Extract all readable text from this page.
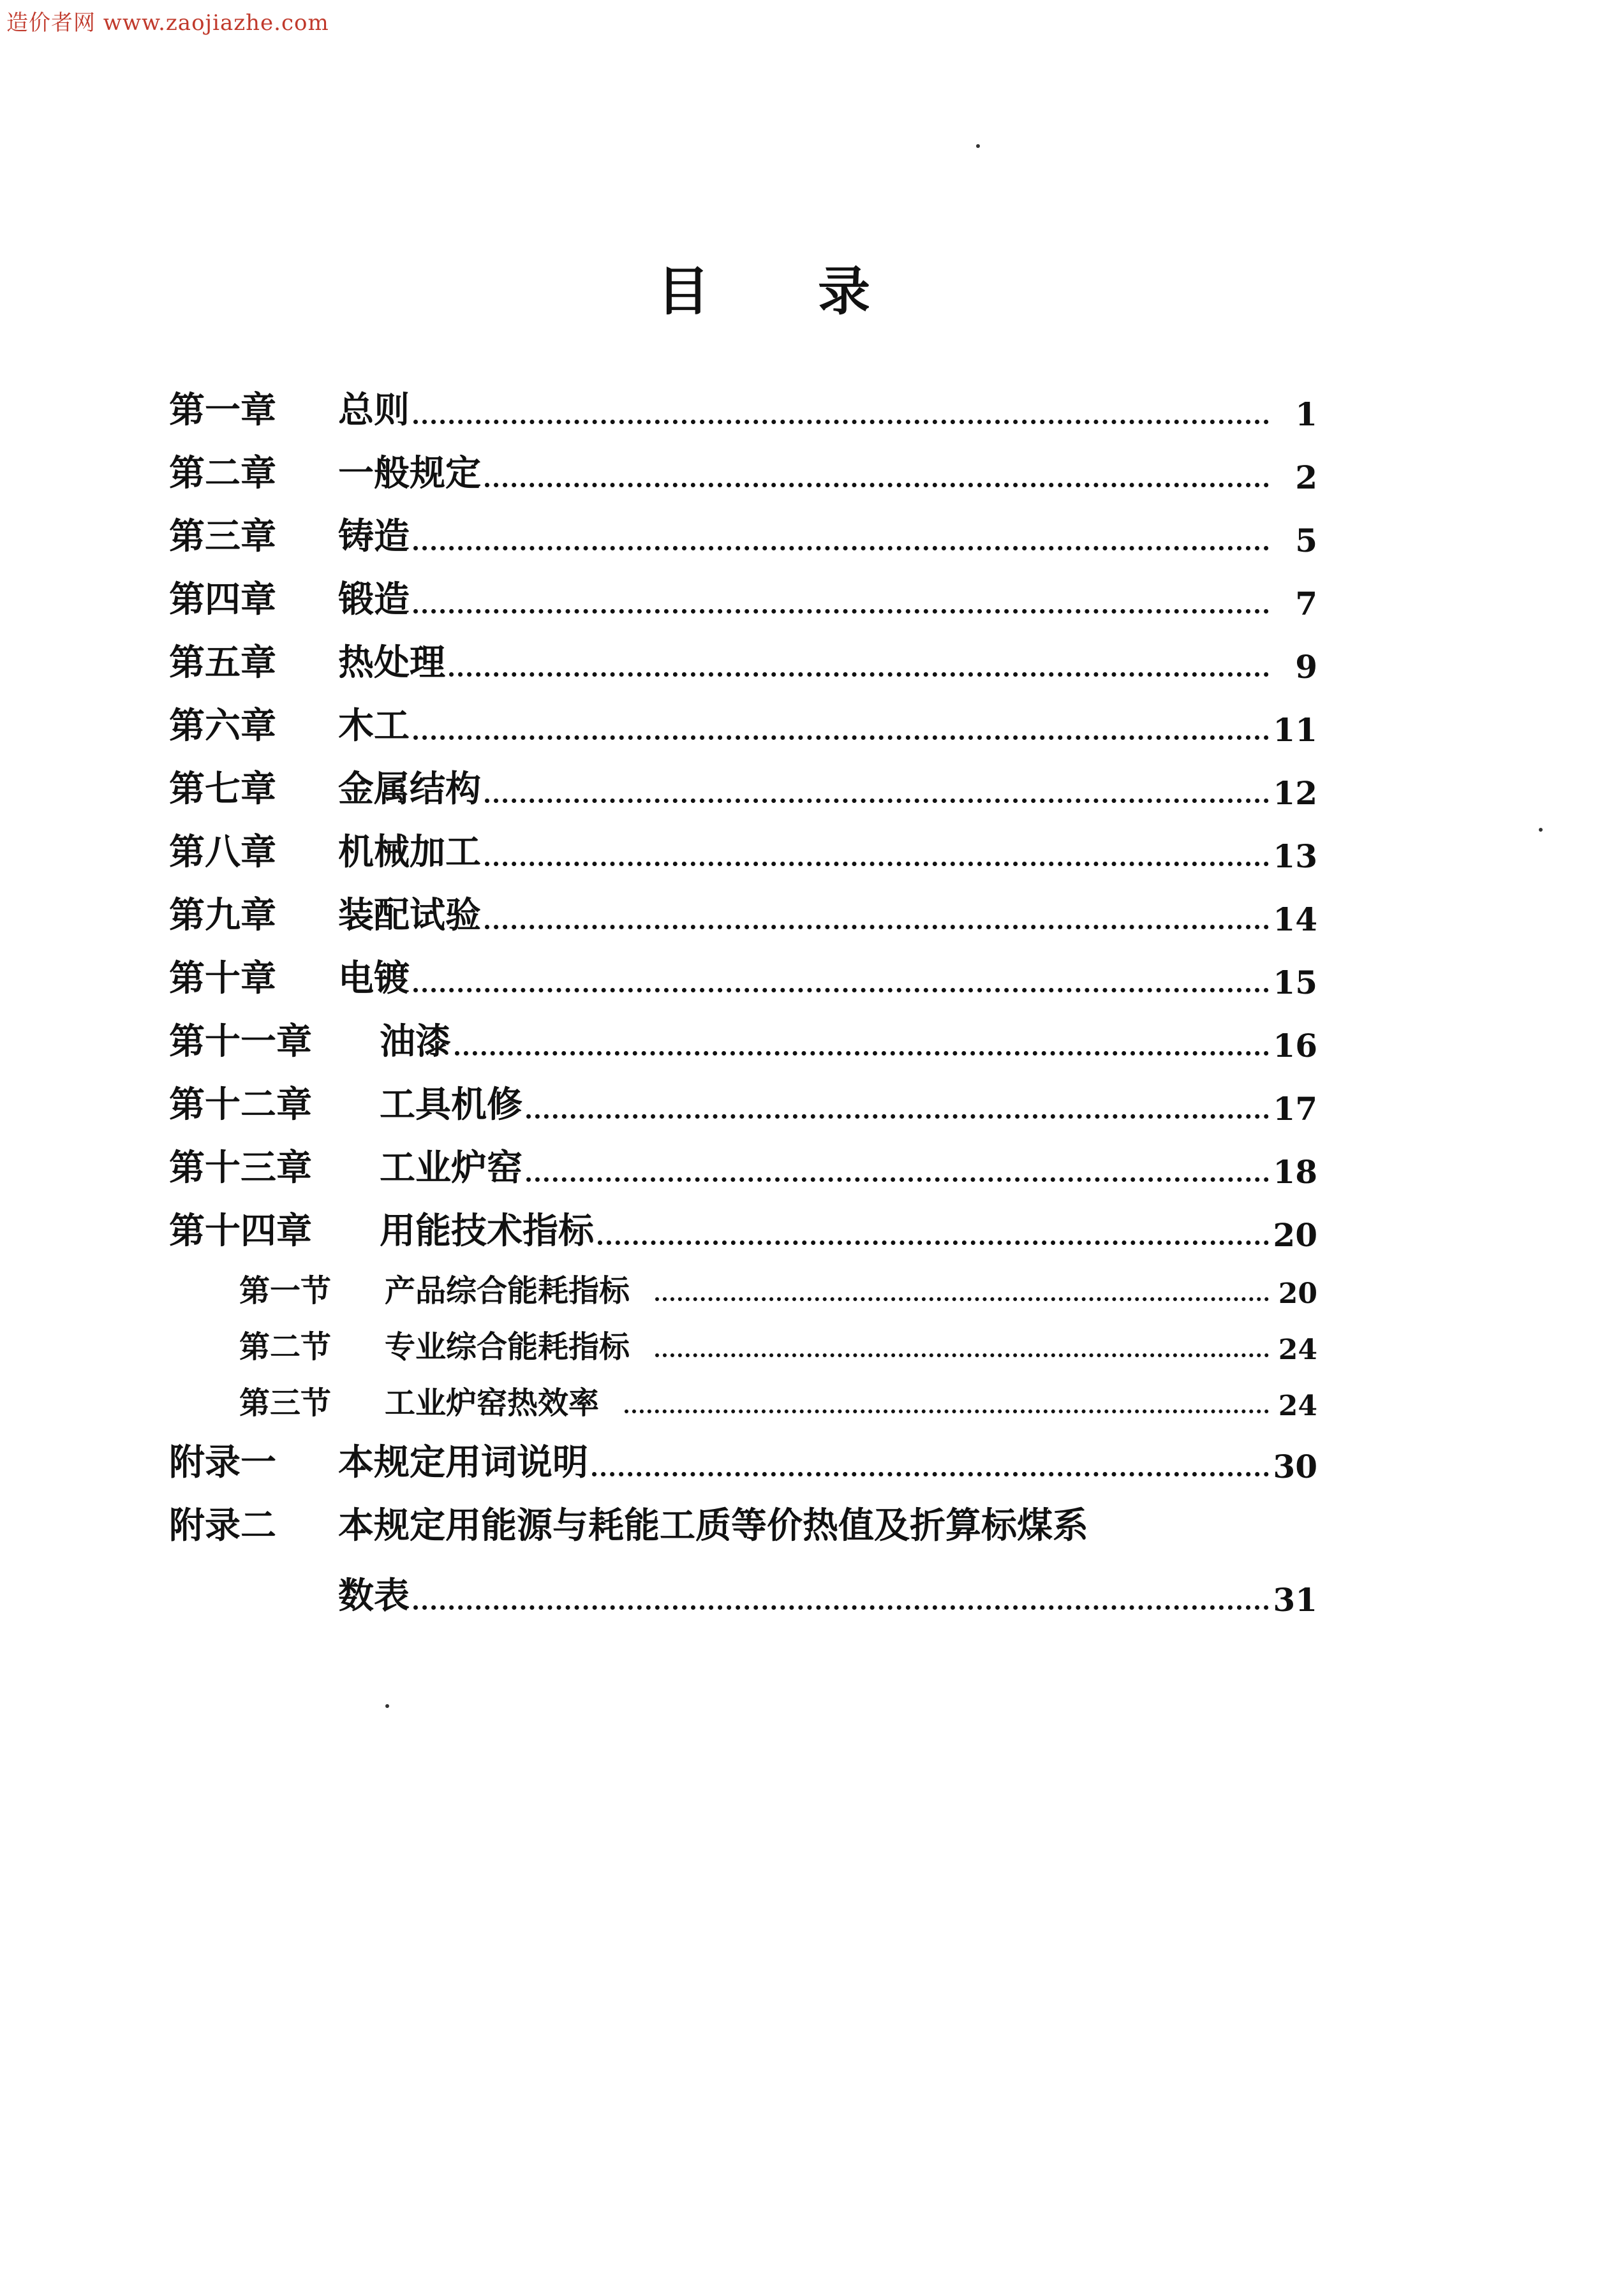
造价者网 www.zaojiazhe.com
目录
第一章	总则	1
第二章	一般规定	2
第三章	铸造	5
第四章	锻造	7
第五章	热处理	9
第六章	木工	11
第七章	金属结构	12
第八章	机械加工	13
第九章	装配试验	14
第十章	电镀	15
第十一章	油漆	16
第十二章	工具机修	17
第十三章	工业炉窑	18
第十四章	用能技术指标	20
第一节	产品综合能耗指标	20
第二节	专业综合能耗指标	24
第三节	工业炉窑热效率	24
附录一	本规定用词说明	30
附录二	本规定用能源与耗能工质等价热值及折算标煤系
数表	31
